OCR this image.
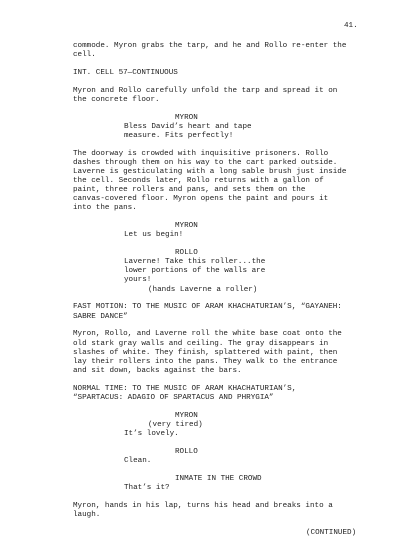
41.
commode. Myron grabs the tarp, and he and Rollo re-enter the
cell.
INT. CELL 57—CONTINUOUS
Myron and Rollo carefully unfold the tarp and spread it on
the concrete floor.
MYRON
Bless David’s heart and tape
measure. Fits perfectly!
The doorway is crowded with inquisitive prisoners. Rollo
dashes through them on his way to the cart parked outside.
Laverne is gesticulating with a long sable brush just inside
the cell. Seconds later, Rollo returns with a gallon of
paint, three rollers and pans, and sets them on the
canvas-covered floor. Myron opens the paint and pours it
into the pans.
MYRON
Let us begin!
ROLLO
Laverne! Take this roller...the
lower portions of the walls are
yours!
(hands Laverne a roller)
FAST MOTION: TO THE MUSIC OF ARAM KHACHATURIAN’S, “GAYANEH:
SABRE DANCE”
Myron, Rollo, and Laverne roll the white base coat onto the
old stark gray walls and ceiling. The gray disappears in
slashes of white. They finish, splattered with paint, then
lay their rollers into the pans. They walk to the entrance
and sit down, backs against the bars.
NORMAL TIME: TO THE MUSIC OF ARAM KHACHATURIAN’S,
“SPARTACUS: ADAGIO OF SPARTACUS AND PHRYGIA”
MYRON
(very tired)
It’s lovely.
ROLLO
Clean.
INMATE IN THE CROWD
That’s it?
Myron, hands in his lap, turns his head and breaks into a
laugh.
(CONTINUED)
